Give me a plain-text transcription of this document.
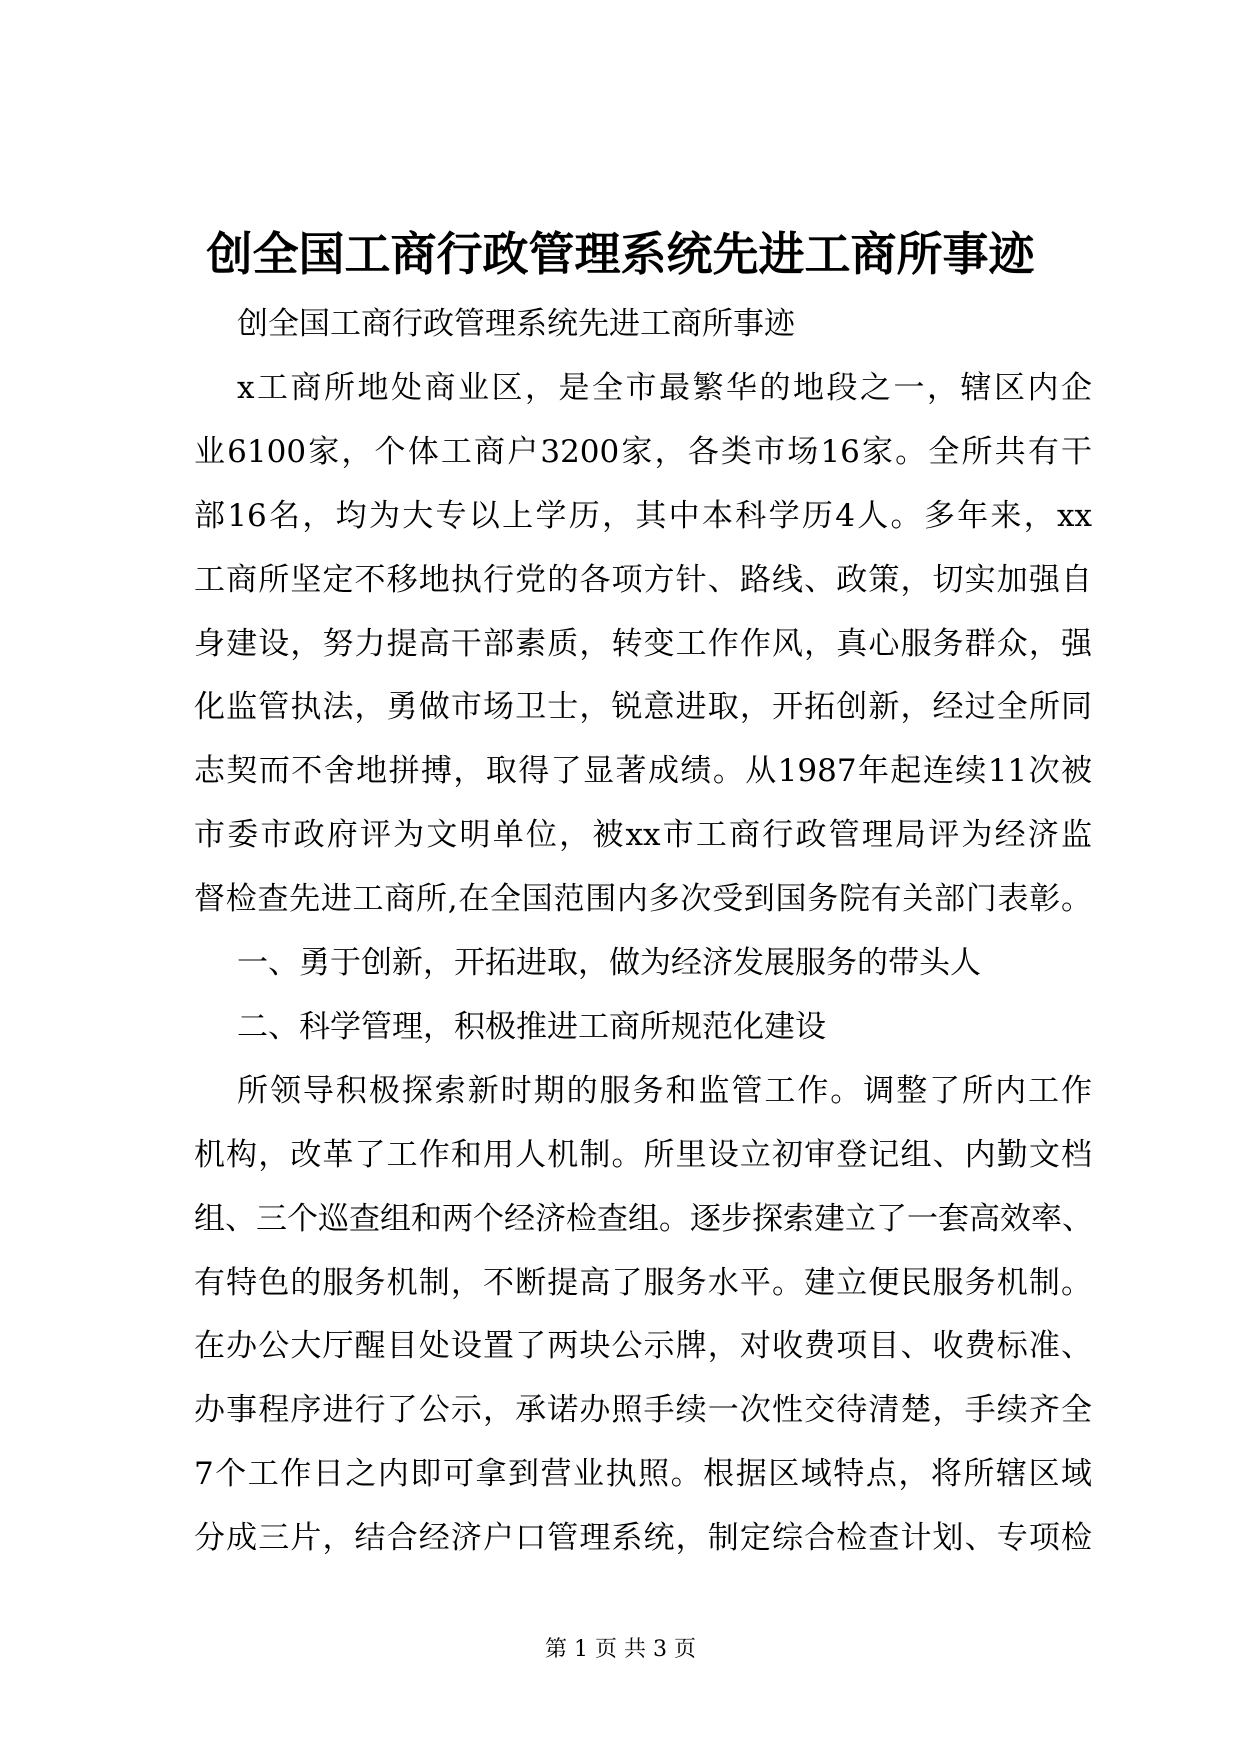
创全国工商行政管理系统先进工商所事迹
创全国工商行政管理系统先进工商所事迹
x工商所地处商业区，是全市最繁华的地段之一，辖区内企
业6100家，个体工商户3200家，各类市场16家。全所共有干
部16名，均为大专以上学历，其中本科学历4人。多年来，xx
工商所坚定不移地执行党的各项方针、路线、政策，切实加强自
身建设，努力提高干部素质，转变工作作风，真心服务群众，强
化监管执法，勇做市场卫士，锐意进取，开拓创新，经过全所同
志契而不舍地拼搏，取得了显著成绩。从1987年起连续11次被
市委市政府评为文明单位，被xx市工商行政管理局评为经济监
督检查先进工商所,在全国范围内多次受到国务院有关部门表彰。
一、勇于创新，开拓进取，做为经济发展服务的带头人
二、科学管理，积极推进工商所规范化建设
所领导积极探索新时期的服务和监管工作。调整了所内工作
机构，改革了工作和用人机制。所里设立初审登记组、内勤文档
组、三个巡查组和两个经济检查组。逐步探索建立了一套高效率、
有特色的服务机制，不断提高了服务水平。建立便民服务机制。
在办公大厅醒目处设置了两块公示牌，对收费项目、收费标准、
办事程序进行了公示，承诺办照手续一次性交待清楚，手续齐全
7个工作日之内即可拿到营业执照。根据区域特点，将所辖区域
分成三片，结合经济户口管理系统，制定综合检查计划、专项检
第 1 页 共 3 页
